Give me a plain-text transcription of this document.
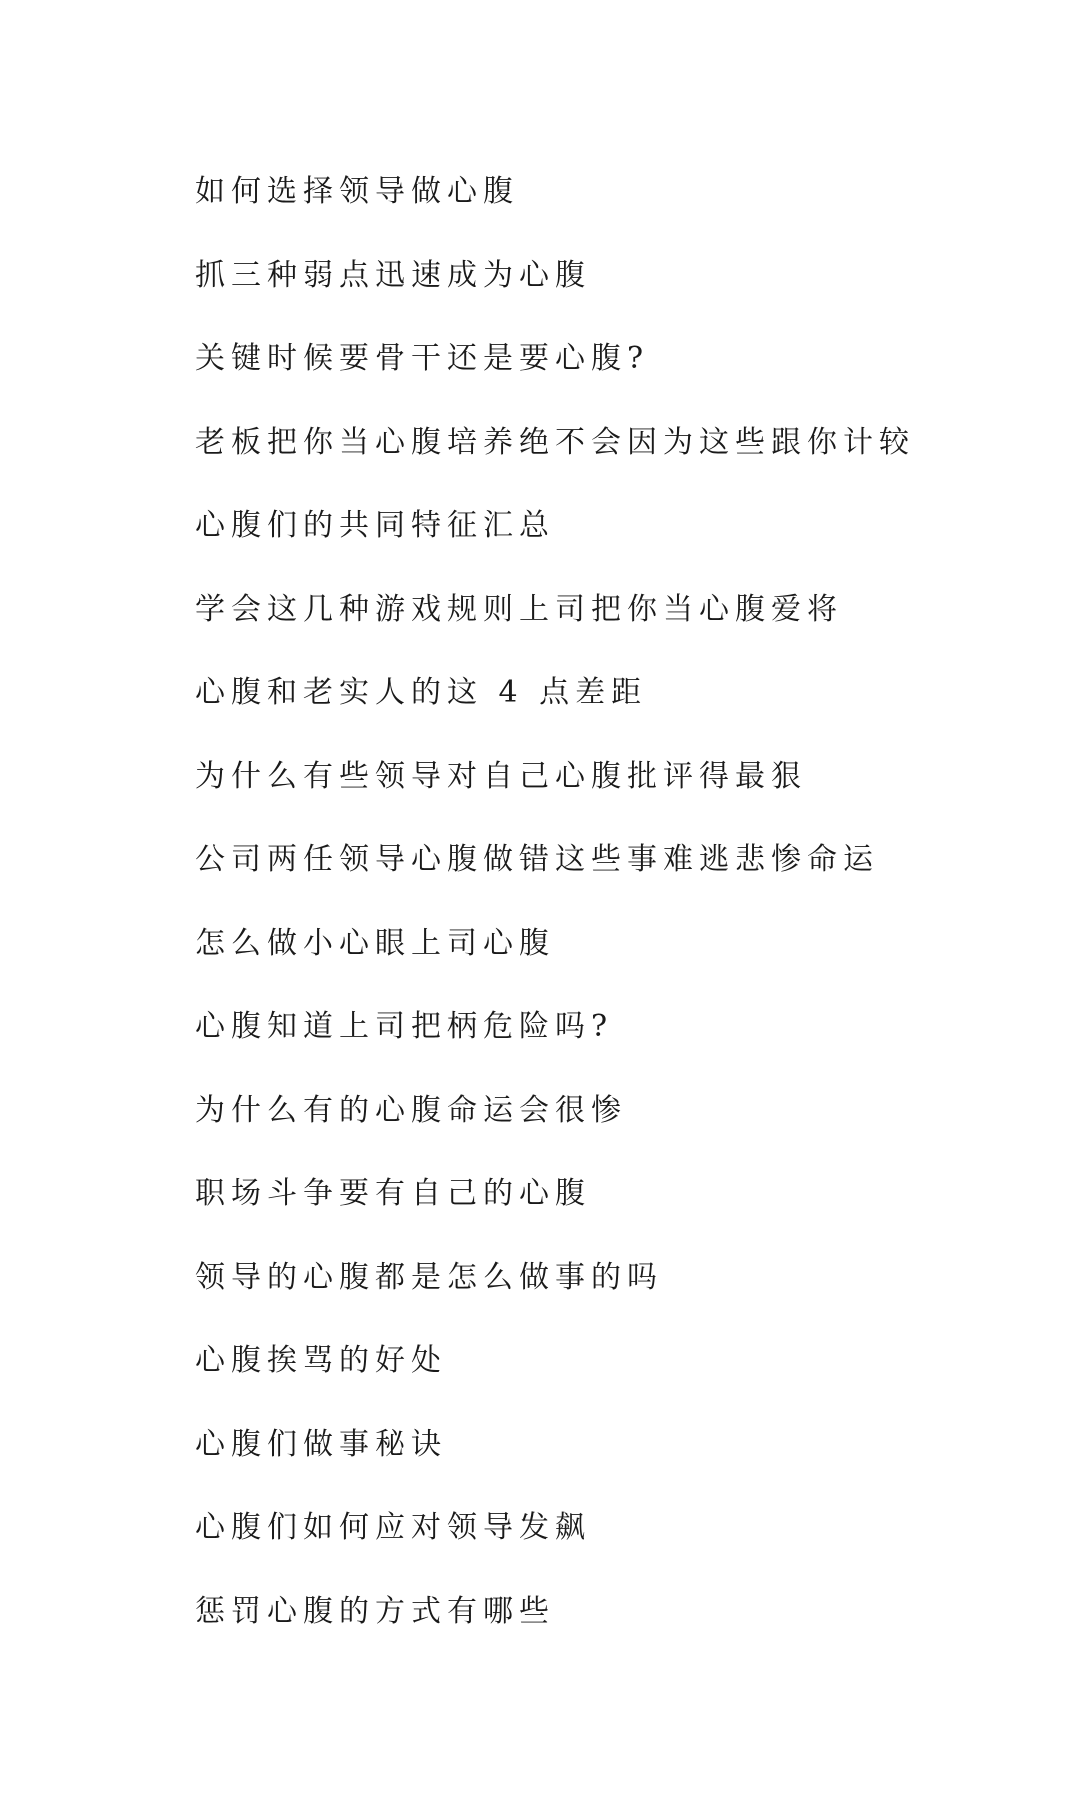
如何选择领导做心腹
抓三种弱点迅速成为心腹
关键时候要骨干还是要心腹?
老板把你当心腹培养绝不会因为这些跟你计较
心腹们的共同特征汇总
学会这几种游戏规则上司把你当心腹爱将
心腹和老实人的这 4 点差距
为什么有些领导对自己心腹批评得最狠
公司两任领导心腹做错这些事难逃悲惨命运
怎么做小心眼上司心腹
心腹知道上司把柄危险吗?
为什么有的心腹命运会很惨
职场斗争要有自己的心腹
领导的心腹都是怎么做事的吗
心腹挨骂的好处
心腹们做事秘诀
心腹们如何应对领导发飙
惩罚心腹的方式有哪些
